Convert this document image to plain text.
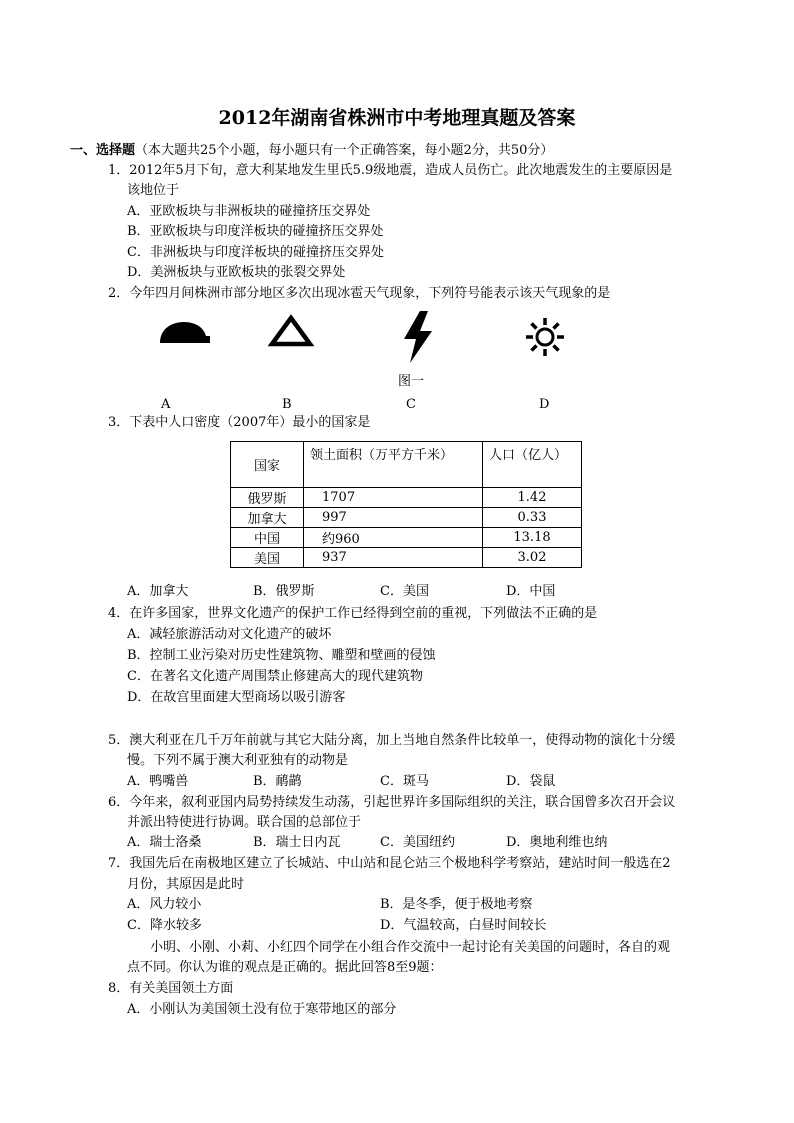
2012年湖南省株洲市中考地理真题及答案
一、选择题（本大题共25个小题，每小题只有一个正确答案，每小题2分，共50分）
1．2012年5月下旬，意大利某地发生里氏5.9级地震，造成人员伤亡。此次地震发生的主要原因是
该地位于
A．亚欧板块与非洲板块的碰撞挤压交界处
B．亚欧板块与印度洋板块的碰撞挤压交界处
C．非洲板块与印度洋板块的碰撞挤压交界处
D．美洲板块与亚欧板块的张裂交界处
2．今年四月间株洲市部分地区多次出现冰雹天气现象，下列符号能表示该天气现象的是
图一
A	B	C	D
3．下表中人口密度（2007年）最小的国家是
国家	领土面积（万平方千米）	人口（亿人）
俄罗斯	1707	1.42
加拿大	997	0.33
中国	约960	13.18
美国	937	3.02
A．加拿大	B．俄罗斯	C．美国	D．中国
4．在许多国家，世界文化遗产的保护工作已经得到空前的重视，下列做法不正确的是
A．减轻旅游活动对文化遗产的破坏
B．控制工业污染对历史性建筑物、雕塑和壁画的侵蚀
C．在著名文化遗产周围禁止修建高大的现代建筑物
D．在故宫里面建大型商场以吸引游客
5．澳大利亚在几千万年前就与其它大陆分离，加上当地自然条件比较单一，使得动物的演化十分缓
慢。下列不属于澳大利亚独有的动物是
A．鸭嘴兽	B．鸸鹋	C．斑马	D．袋鼠
6．今年来，叙利亚国内局势持续发生动荡，引起世界许多国际组织的关注，联合国曾多次召开会议
并派出特使进行协调。联合国的总部位于
A．瑞士洛桑	B．瑞士日内瓦	C．美国纽约	D．奥地利维也纳
7．我国先后在南极地区建立了长城站、中山站和昆仑站三个极地科学考察站，建站时间一般选在2
月份，其原因是此时
A．风力较小	B．是冬季，便于极地考察
C．降水较多	D．气温较高，白昼时间较长
小明、小刚、小莉、小红四个同学在小组合作交流中一起讨论有关美国的问题时，各自的观
点不同。你认为谁的观点是正确的。据此回答8至9题：
8．有关美国领土方面
A．小刚认为美国领土没有位于寒带地区的部分
